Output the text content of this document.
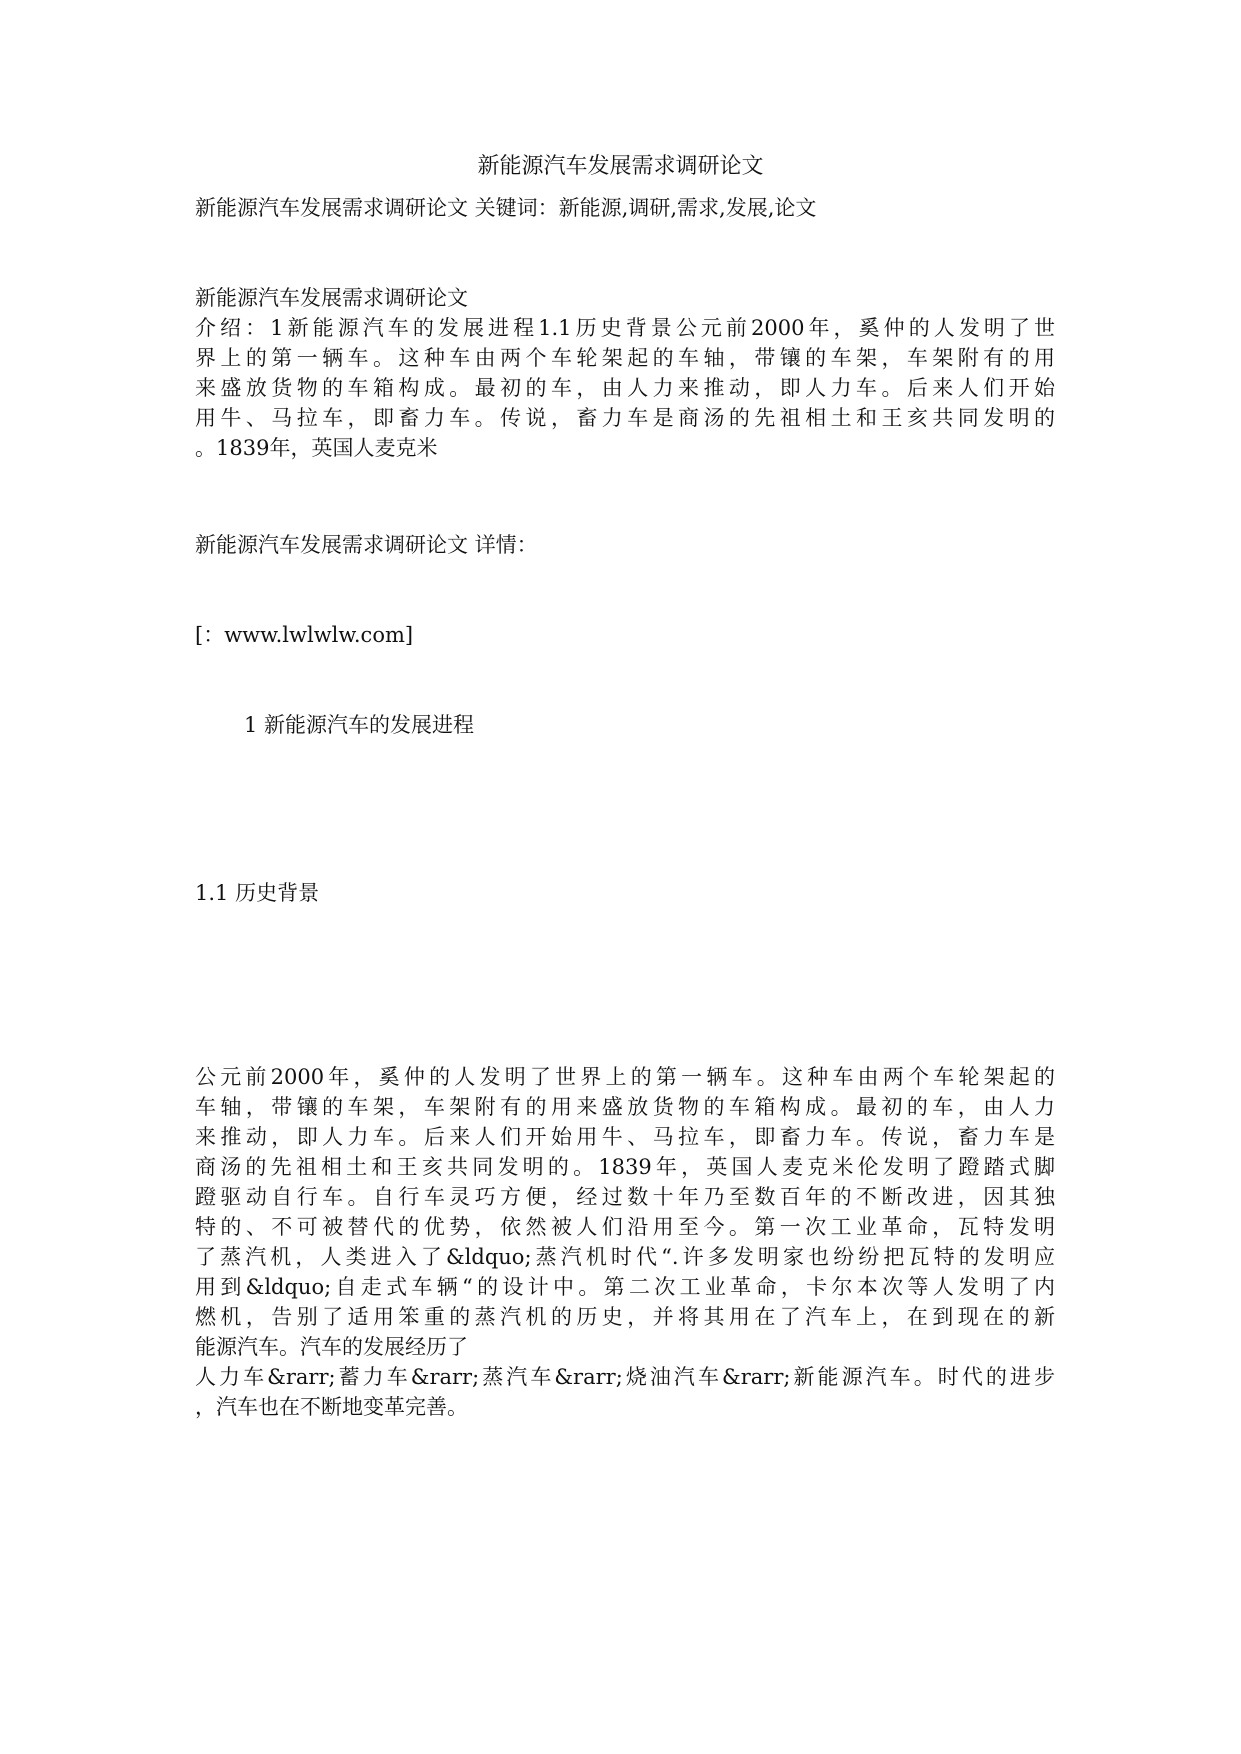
新能源汽车发展需求调研论文

新能源汽车发展需求调研论文 关键词：新能源,调研,需求,发展,论文

新能源汽车发展需求调研论文

介绍：1新能源汽车的发展进程1.1历史背景公元前2000年，奚仲的人发明了世
界上的第一辆车。这种车由两个车轮架起的车轴，带镶的车架，车架附有的用
来盛放货物的车箱构成。最初的车，由人力来推动，即人力车。后来人们开始
用牛、马拉车，即畜力车。传说，畜力车是商汤的先祖相土和王亥共同发明的
。1839年，英国人麦克米

新能源汽车发展需求调研论文 详情：

[：www.lwlwlw.com]

1 新能源汽车的发展进程

1.1 历史背景

公元前2000年，奚仲的人发明了世界上的第一辆车。这种车由两个车轮架起的
车轴，带镶的车架，车架附有的用来盛放货物的车箱构成。最初的车，由人力
来推动，即人力车。后来人们开始用牛、马拉车，即畜力车。传说，畜力车是
商汤的先祖相土和王亥共同发明的。1839年，英国人麦克米伦发明了蹬踏式脚
蹬驱动自行车。自行车灵巧方便，经过数十年乃至数百年的不断改进，因其独
特的、不可被替代的优势，依然被人们沿用至今。第一次工业革命，瓦特发明
了蒸汽机，人类进入了&ldquo;蒸汽机时代“.许多发明家也纷纷把瓦特的发明应
用到&ldquo;自走式车辆“的设计中。第二次工业革命，卡尔本次等人发明了内
燃机，告别了适用笨重的蒸汽机的历史，并将其用在了汽车上，在到现在的新
能源汽车。汽车的发展经历了
人力车&rarr;蓄力车&rarr;蒸汽车&rarr;烧油汽车&rarr;新能源汽车。时代的进步
，汽车也在不断地变革完善。
